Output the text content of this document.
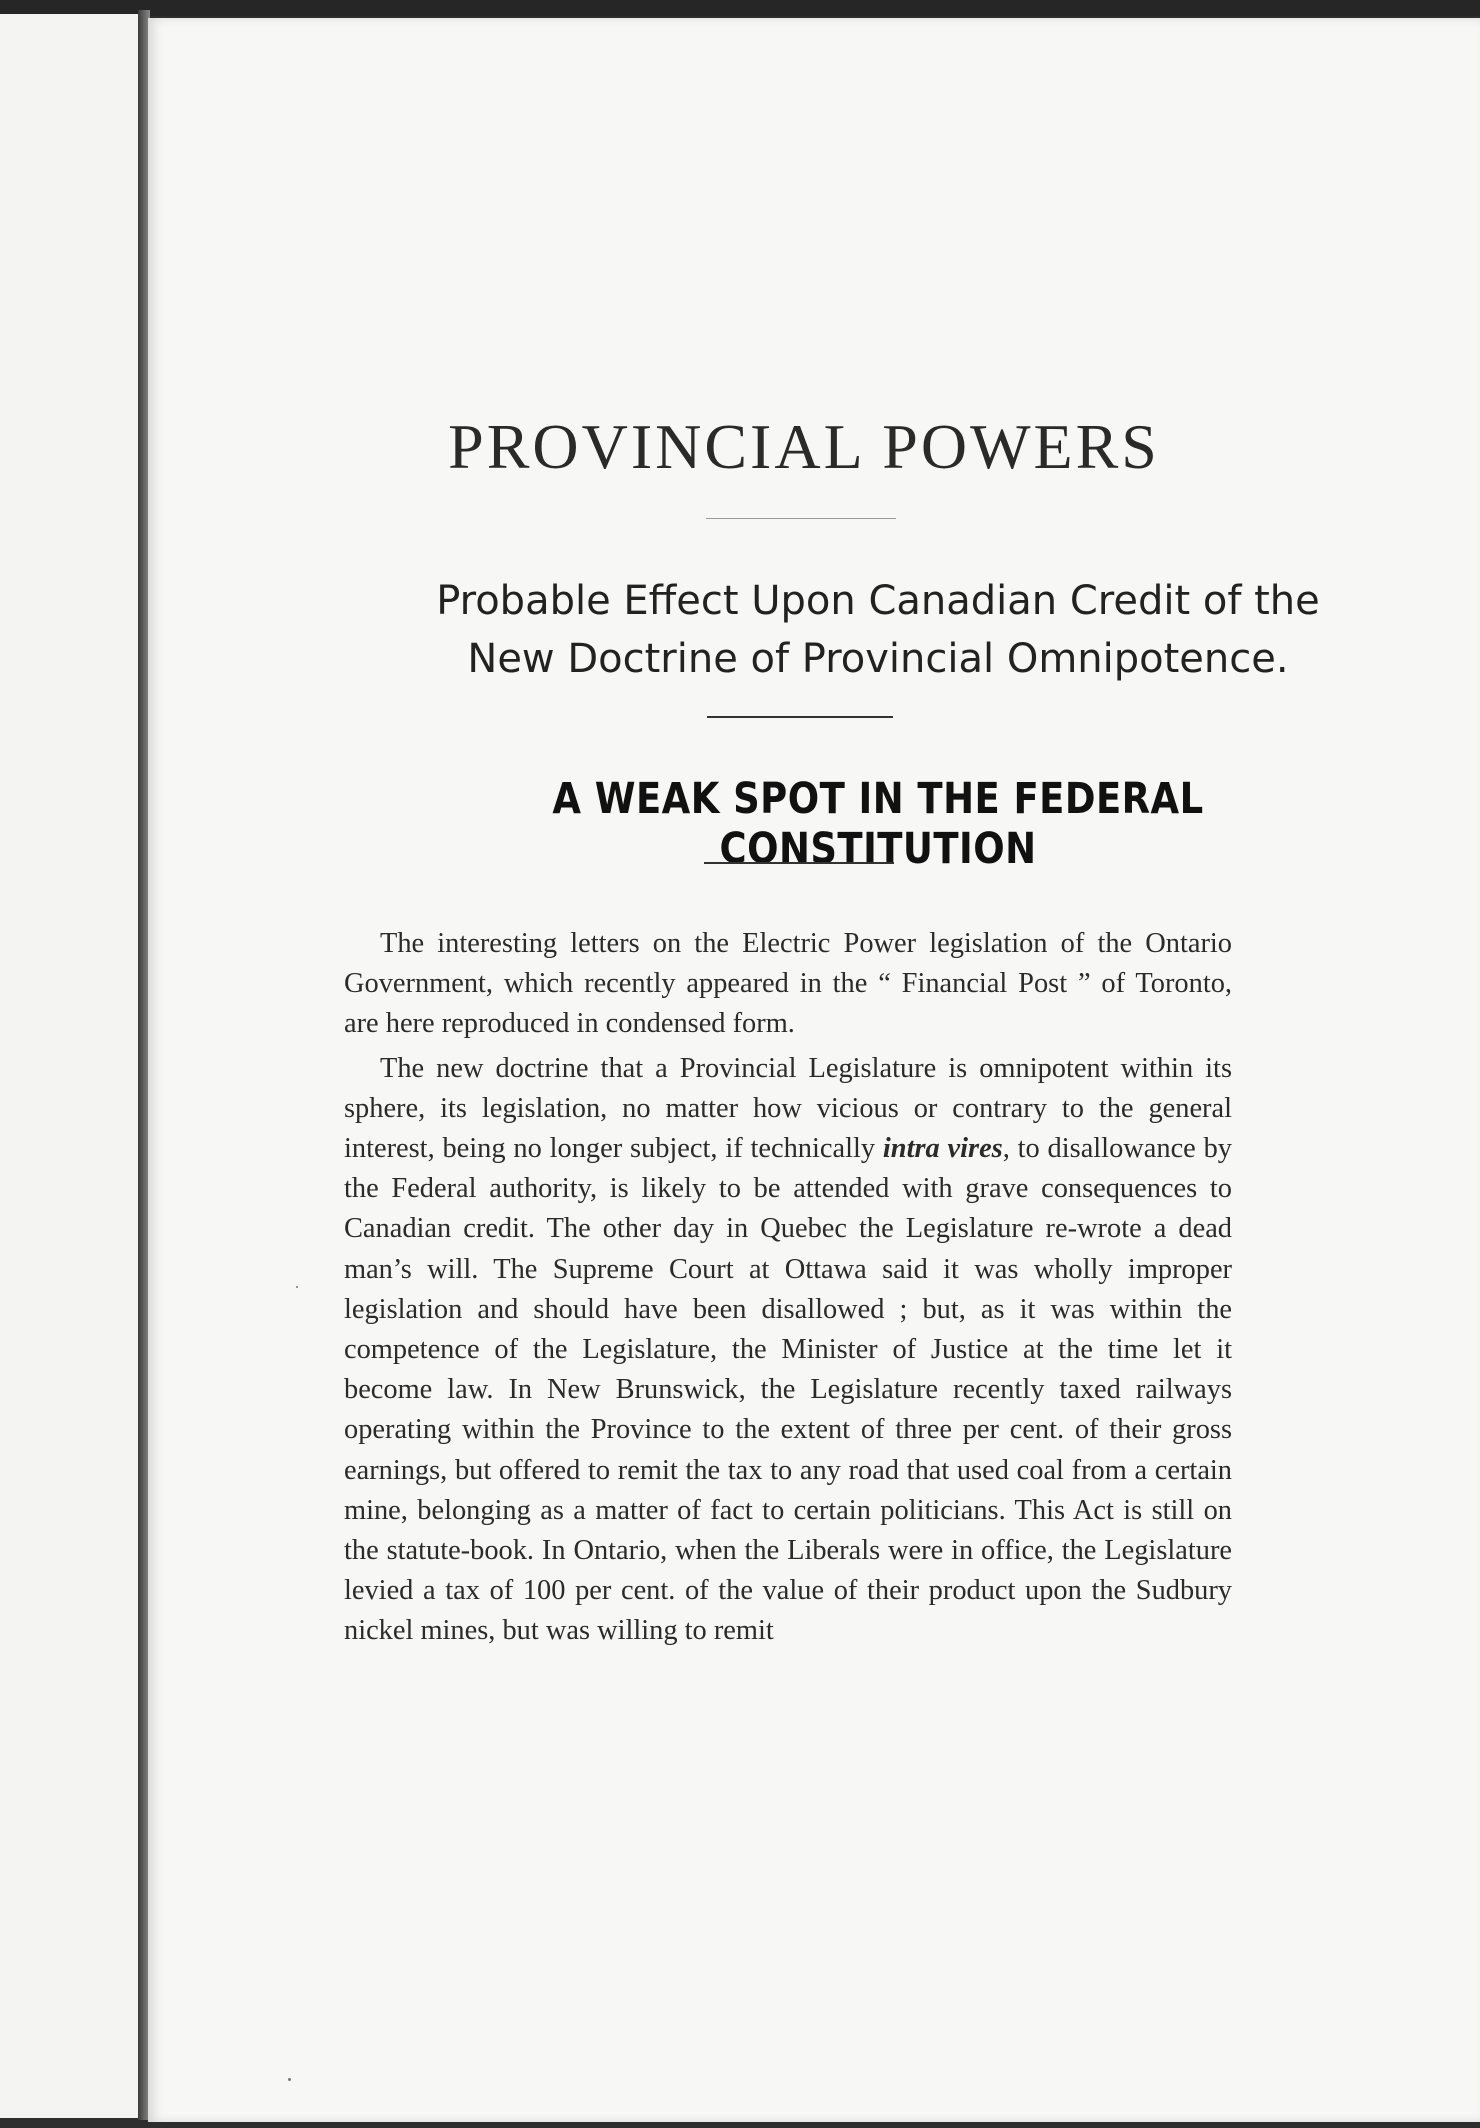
PROVINCIAL POWERS
Probable Effect Upon Canadian Credit of the
New Doctrine of Provincial Omnipotence.
A WEAK SPOT IN THE FEDERAL CONSTITUTION

The interesting letters on the Electric Power legislation of the Ontario Government, which recently appeared in the “ Financial Post ” of Toronto, are here reproduced in condensed form.

The new doctrine that a Provincial Legislature is omnipotent within its sphere, its legislation, no matter how vicious or contrary to the general interest, being no longer subject, if technically intra vires, to disallowance by the Federal authority, is likely to be attended with grave consequences to Canadian credit. The other day in Quebec the Legislature re-wrote a dead man’s will. The Supreme Court at Ottawa said it was wholly improper legislation and should have been disallowed ; but, as it was within the competence of the Legislature, the Minister of Justice at the time let it become law. In New Brunswick, the Legislature recently taxed railways operating within the Province to the extent of three per cent. of their gross earnings, but offered to remit the tax to any road that used coal from a certain mine, belonging as a matter of fact to certain politicians. This Act is still on the statute-book. In Ontario, when the Liberals were in office, the Legislature levied a tax of 100 per cent. of the value of their product upon the Sudbury nickel mines, but was willing to remit
